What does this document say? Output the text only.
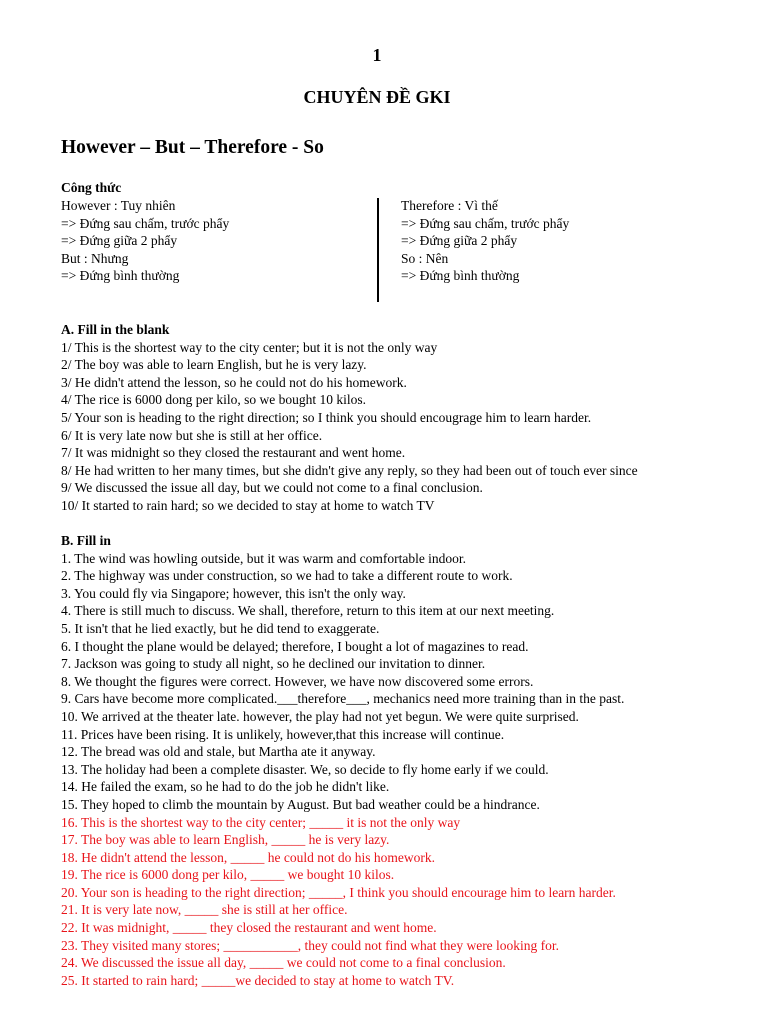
1
CHUYÊN ĐỀ GKI
However – But – Therefore - So
Công thức
However : Tuy nhiên
=> Đứng sau chấm, trước phẩy
=> Đứng giữa 2 phẩy
But : Nhưng
=> Đứng bình thường
Therefore : Vì thế
=> Đứng sau chấm, trước phẩy
=> Đứng giữa 2 phẩy
So : Nên
=> Đứng bình thường
A. Fill in the blank
1/ This is the shortest way to the city center; but it is not the only way
2/ The boy was able to learn English, but he is very lazy.
3/ He didn't attend the lesson, so he could not do his homework.
4/ The rice is 6000 dong per kilo, so we bought 10 kilos.
5/ Your son is heading to the right direction; so I think you should encougrage him to learn harder.
6/ It is very late now but she is still at her office.
7/ It was midnight so they closed the restaurant and went home.
8/ He had written to her many times, but she didn't give any reply, so they had been out of touch ever since
9/ We discussed the issue all day, but we could not come to a final conclusion.
10/ It started to rain hard; so we decided to stay at home to watch TV
B. Fill in
1. The wind was howling outside, but it was warm and comfortable indoor.
2. The highway was under construction, so we had to take a different route to work.
3. You could fly via Singapore; however, this isn't the only way.
4. There is still much to discuss. We shall, therefore, return to this item at our next meeting.
5. It isn't that he lied exactly, but he did tend to exaggerate.
6. I thought the plane would be delayed; therefore, I bought a lot of magazines to read.
7. Jackson was going to study all night, so he declined our invitation to dinner.
8. We thought the figures were correct. However, we have now discovered some errors.
9. Cars have become more complicated.___therefore___, mechanics need more training than in the past.
10. We arrived at the theater late. however, the play had not yet begun. We were quite surprised.
11. Prices have been rising. It is unlikely, however,that this increase will continue.
12. The bread was old and stale, but Martha ate it anyway.
13. The holiday had been a complete disaster. We, so decide to fly home early if we could.
14. He failed the exam, so he had to do the job he didn't like.
15. They hoped to climb the mountain by August. But bad weather could be a hindrance.
16. This is the shortest way to the city center; _____ it is not the only way
17. The boy was able to learn English, _____ he is very lazy.
18. He didn't attend the lesson, _____ he could not do his homework.
19. The rice is 6000 dong per kilo, _____ we bought 10 kilos.
20. Your son is heading to the right direction; _____, I think you should encourage him to learn harder.
21. It is very late now, _____ she is still at her office.
22. It was midnight, _____ they closed the restaurant and went home.
23. They visited many stores; ___________, they could not find what they were looking for.
24. We discussed the issue all day, _____ we could not come to a final conclusion.
25. It started to rain hard; _____we decided to stay at home to watch TV.
